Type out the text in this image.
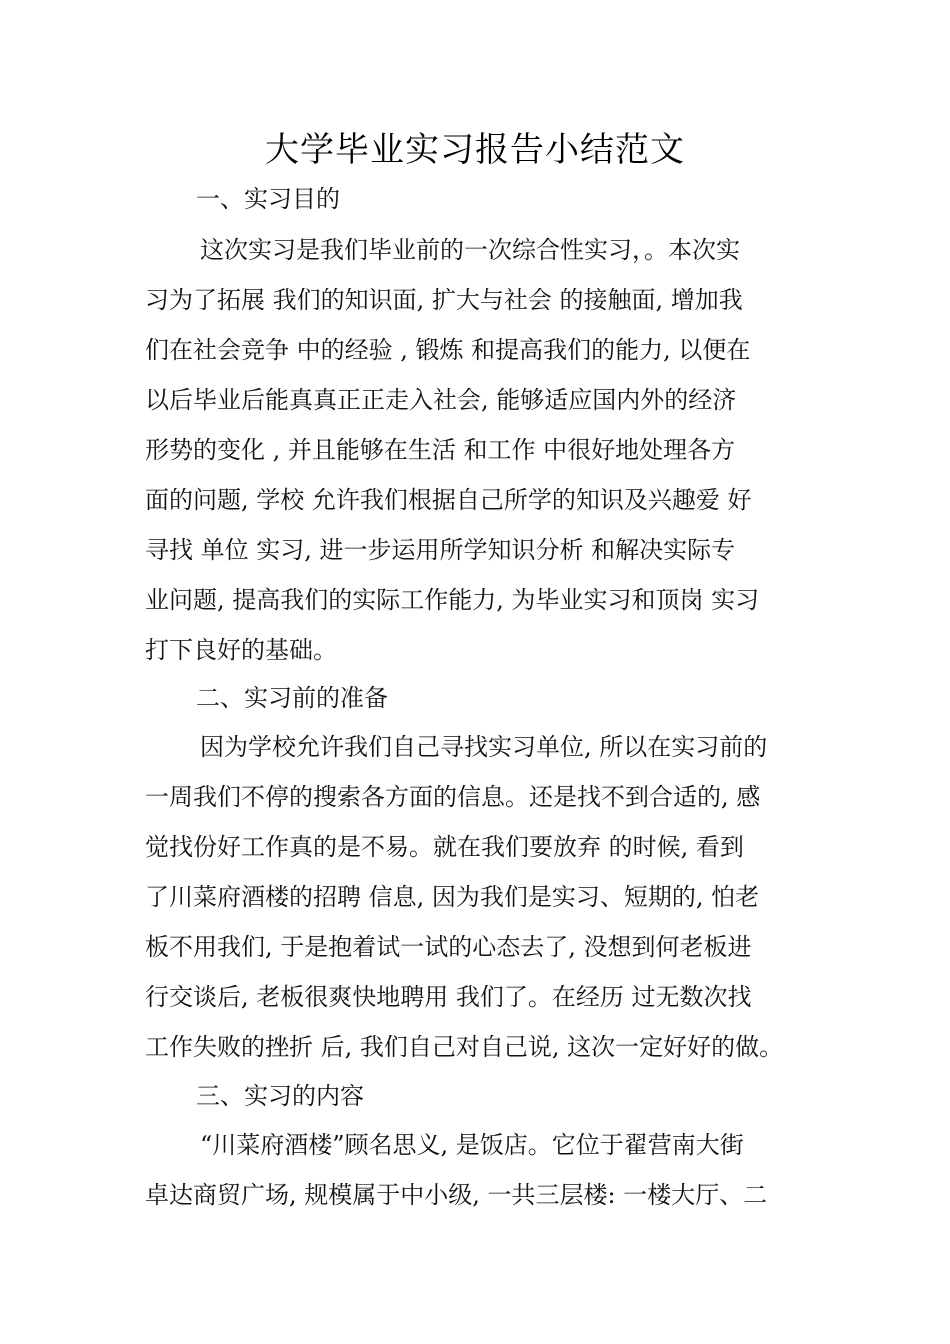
大学毕业实习报告小结范文
一、实习目的
这次实习是我们毕业前的一次综合性实习，。本次实
习为了拓展 我们的知识面, 扩大与社会 的接触面, 增加我
们在社会竞争 中的经验 , 锻炼 和提高我们的能力, 以便在
以后毕业后能真真正正走入社会, 能够适应国内外的经济
形势的变化 , 并且能够在生活 和工作 中很好地处理各方
面的问题, 学校 允许我们根据自己所学的知识及兴趣爱 好
寻找 单位 实习, 进一步运用所学知识分析 和解决实际专
业问题, 提高我们的实际工作能力, 为毕业实习和顶岗 实习
打下良好的基础。
二、实习前的准备
因为学校允许我们自己寻找实习单位, 所以在实习前的
一周我们不停的搜索各方面的信息。还是找不到合适的, 感
觉找份好工作真的是不易。就在我们要放弃 的时候, 看到
了川菜府酒楼的招聘 信息, 因为我们是实习、短期的, 怕老
板不用我们, 于是抱着试一试的心态去了, 没想到何老板进
行交谈后, 老板很爽快地聘用 我们了。在经历 过无数次找
工作失败的挫折 后, 我们自己对自己说, 这次一定好好的做。
三、实习的内容
“川菜府酒楼”顾名思义, 是饭店。它位于翟营南大街
卓达商贸广场, 规模属于中小级, 一共三层楼: 一楼大厅、二
